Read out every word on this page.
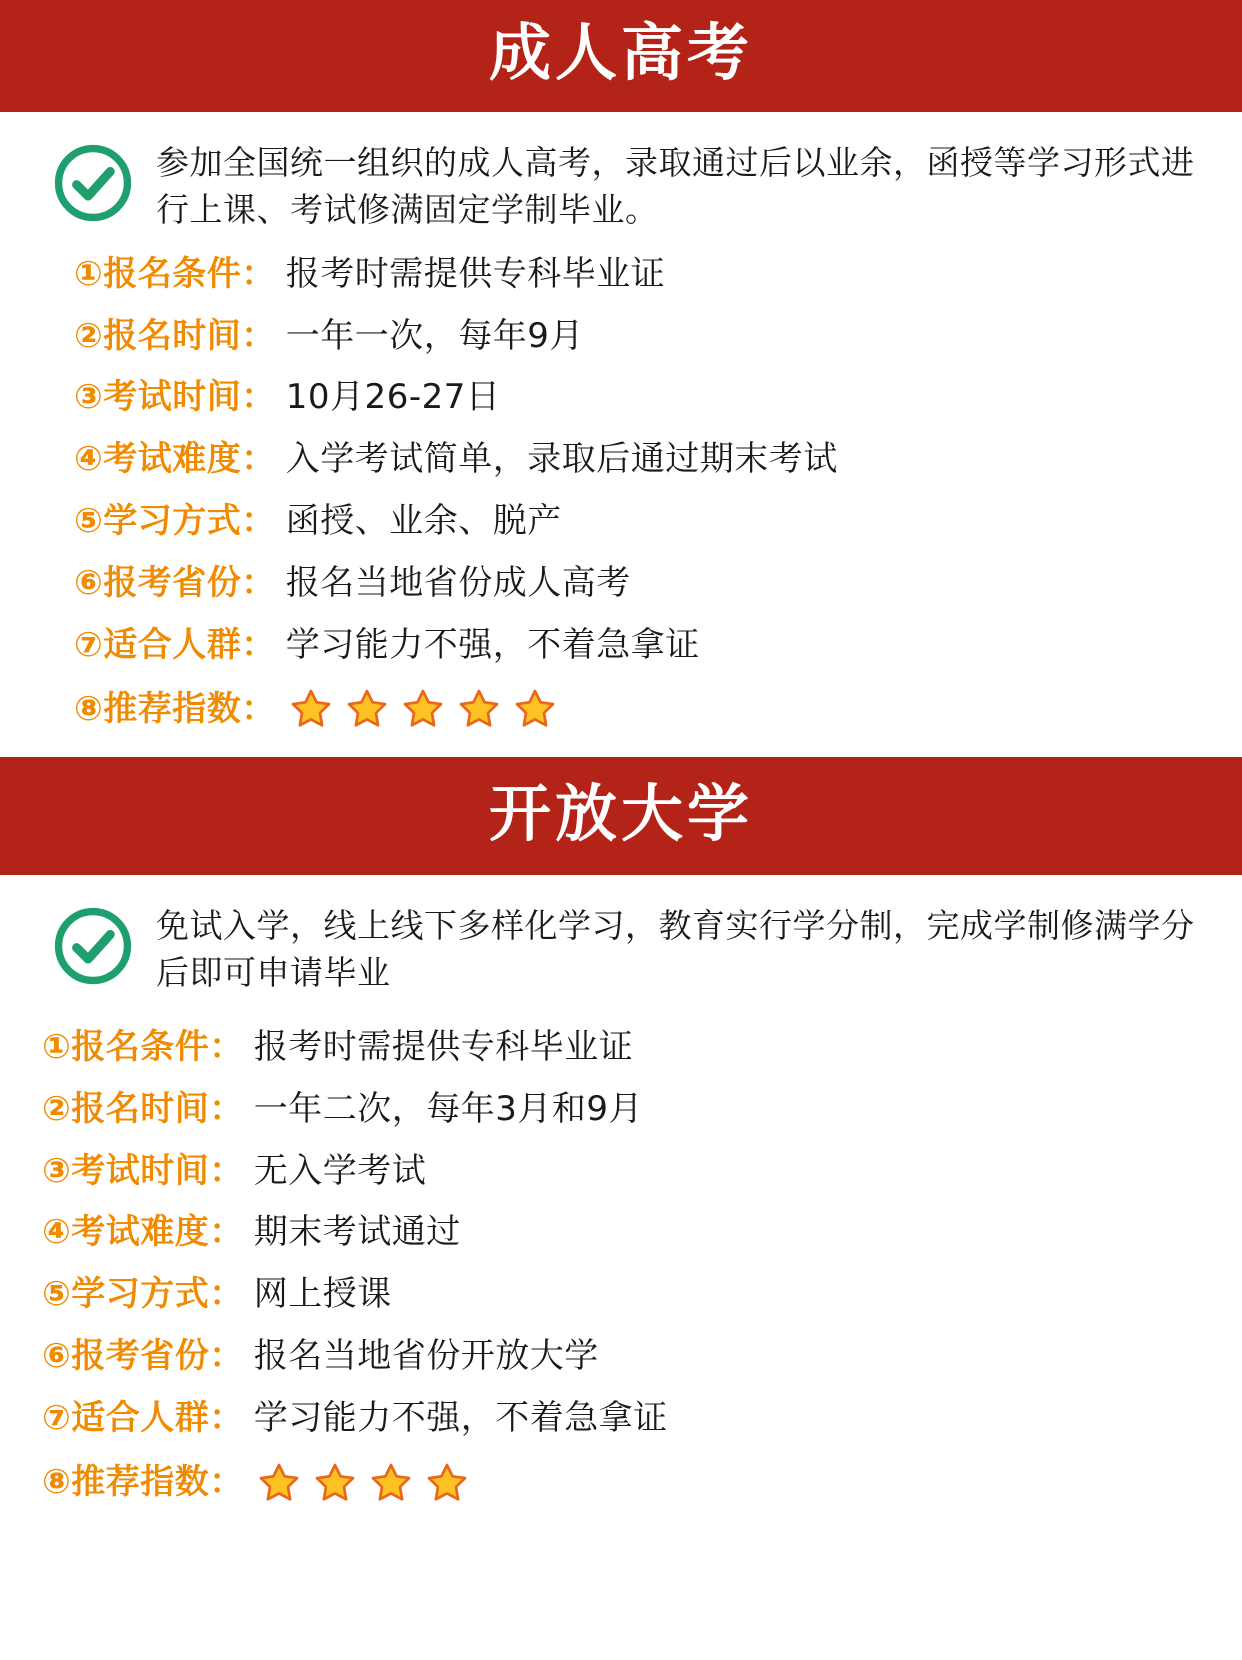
成人高考
参加全国统一组织的成人高考，录取通过后以业余，函授等学习形式进行上课、考试修满固定学制毕业。
①报名条件： 报考时需提供专科毕业证
②报名时间： 一年一次，每年9月
③考试时间： 10月26-27日
④考试难度： 入学考试简单，录取后通过期末考试
⑤学习方式： 函授、业余、脱产
⑥报考省份： 报名当地省份成人高考
⑦适合人群： 学习能力不强，不着急拿证
⑧推荐指数：
开放大学
免试入学，线上线下多样化学习，教育实行学分制，完成学制修满学分后即可申请毕业
①报名条件： 报考时需提供专科毕业证
②报名时间： 一年二次，每年3月和9月
③考试时间： 无入学考试
④考试难度： 期末考试通过
⑤学习方式： 网上授课
⑥报考省份： 报名当地省份开放大学
⑦适合人群： 学习能力不强，不着急拿证
⑧推荐指数：
